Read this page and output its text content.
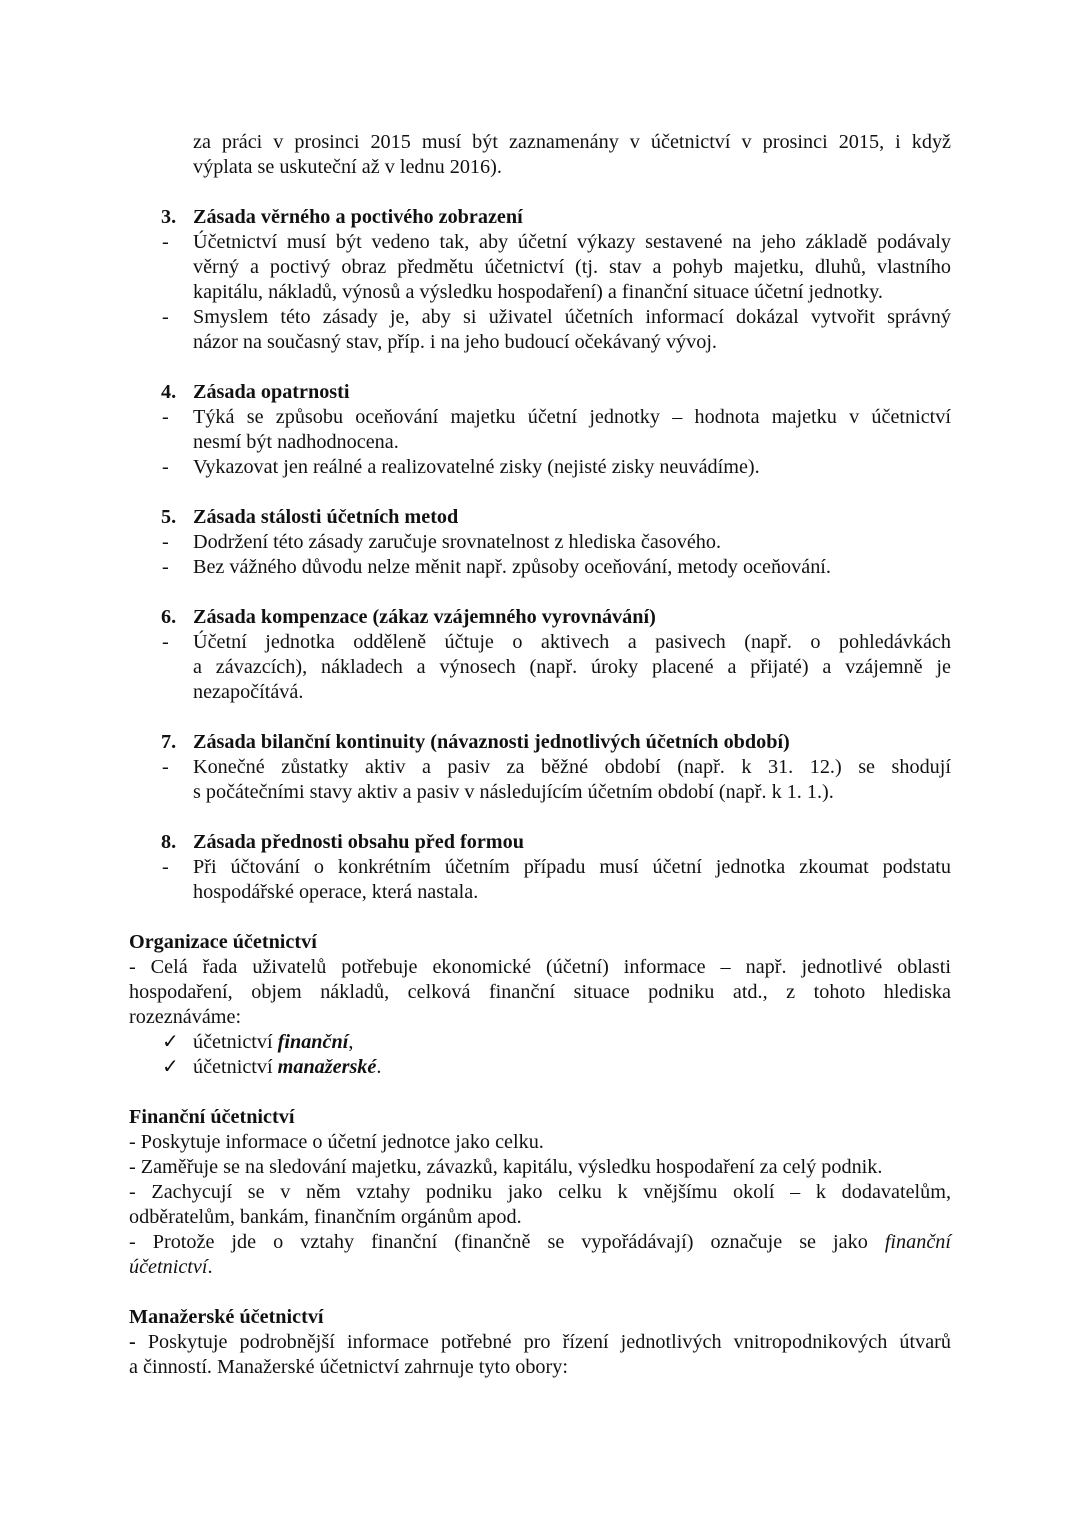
za práci v prosinci 2015 musí být zaznamenány v účetnictví v prosinci 2015, i když
výplata se uskuteční až v lednu 2016).
3. Zásada věrného a poctivého zobrazení
- Účetnictví musí být vedeno tak, aby účetní výkazy sestavené na jeho základě podávaly
věrný a poctivý obraz předmětu účetnictví (tj. stav a pohyb majetku, dluhů, vlastního
kapitálu, nákladů, výnosů a výsledku hospodaření) a finanční situace účetní jednotky.
- Smyslem této zásady je, aby si uživatel účetních informací dokázal vytvořit správný
názor na současný stav, příp. i na jeho budoucí očekávaný vývoj.
4. Zásada opatrnosti
- Týká se způsobu oceňování majetku účetní jednotky – hodnota majetku v účetnictví
nesmí být nadhodnocena.
- Vykazovat jen reálné a realizovatelné zisky (nejisté zisky neuvádíme).
5. Zásada stálosti účetních metod
- Dodržení této zásady zaručuje srovnatelnost z hlediska časového.
- Bez vážného důvodu nelze měnit např. způsoby oceňování, metody oceňování.
6. Zásada kompenzace (zákaz vzájemného vyrovnávání)
- Účetní jednotka odděleně účtuje o aktivech a pasivech (např. o pohledávkách
a závazcích), nákladech a výnosech (např. úroky placené a přijaté) a vzájemně je
nezapočítává.
7. Zásada bilanční kontinuity (návaznosti jednotlivých účetních období)
- Konečné zůstatky aktiv a pasiv za běžné období (např. k 31. 12.) se shodují
s počátečními stavy aktiv a pasiv v následujícím účetním období (např. k 1. 1.).
8. Zásada přednosti obsahu před formou
- Při účtování o konkrétním účetním případu musí účetní jednotka zkoumat podstatu
hospodářské operace, která nastala.
Organizace účetnictví
- Celá řada uživatelů potřebuje ekonomické (účetní) informace – např. jednotlivé oblasti
hospodaření, objem nákladů, celková finanční situace podniku atd., z tohoto hlediska
rozeznáváme:
✓ účetnictví finanční,
✓ účetnictví manažerské.
Finanční účetnictví
- Poskytuje informace o účetní jednotce jako celku.
- Zaměřuje se na sledování majetku, závazků, kapitálu, výsledku hospodaření za celý podnik.
- Zachycují se v něm vztahy podniku jako celku k vnějšímu okolí – k dodavatelům,
odběratelům, bankám, finančním orgánům apod.
- Protože jde o vztahy finanční (finančně se vypořádávají) označuje se jako finanční
účetnictví.
Manažerské účetnictví
- Poskytuje podrobnější informace potřebné pro řízení jednotlivých vnitropodnikových útvarů
a činností. Manažerské účetnictví zahrnuje tyto obory:
